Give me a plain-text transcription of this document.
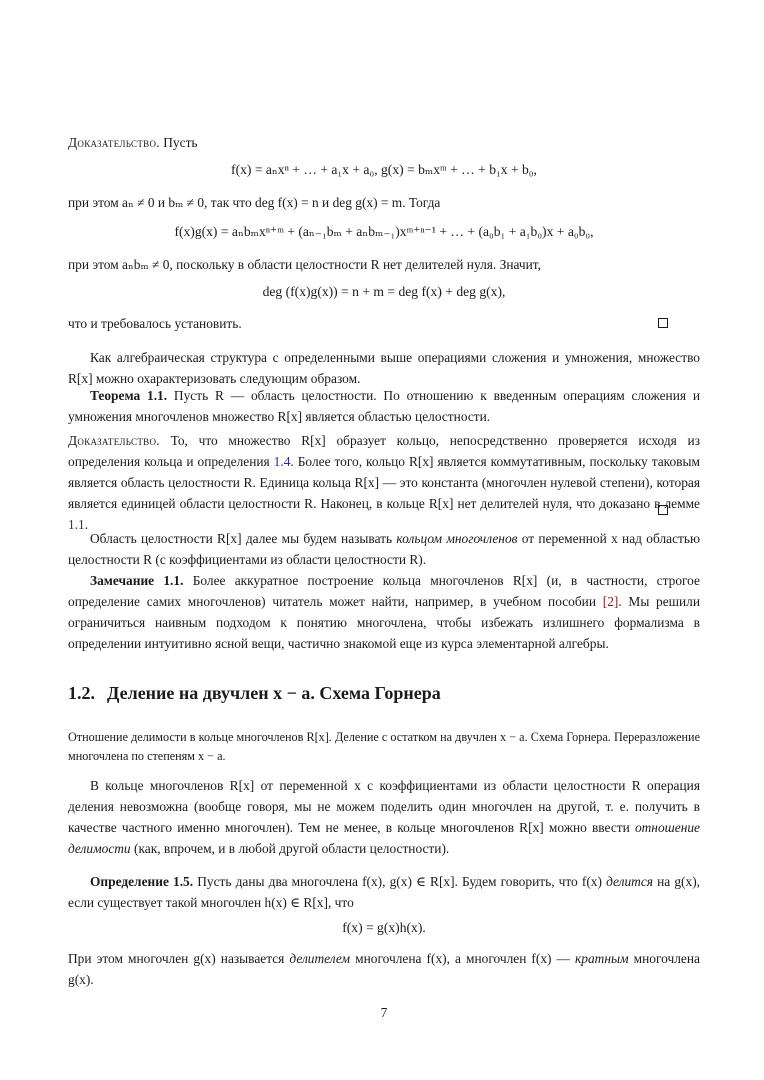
Доказательство. Пусть
f(x) = aₙxⁿ + … + a₁x + a₀, g(x) = bₘxᵐ + … + b₁x + b₀,
при этом aₙ ≠ 0 и bₘ ≠ 0, так что deg f(x) = n и deg g(x) = m. Тогда
f(x)g(x) = aₙbₘxⁿ⁺ᵐ + (aₙ₋₁bₘ + aₙbₘ₋₁)xᵐ⁺ⁿ⁻¹ + … + (a₀b₁ + a₁b₀)x + a₀b₀,
при этом aₙbₘ ≠ 0, поскольку в области целостности R нет делителей нуля. Значит,
deg (f(x)g(x)) = n + m = deg f(x) + deg g(x),
что и требовалось установить.
Как алгебраическая структура с определенными выше операциями сложения и умножения, множество R[x] можно охарактеризовать следующим образом.
Теорема 1.1. Пусть R — область целостности. По отношению к введенным операциям сложения и умножения многочленов множество R[x] является областью целостности.
Доказательство. То, что множество R[x] образует кольцо, непосредственно проверяется исходя из определения кольца и определения 1.4. Более того, кольцо R[x] является коммутативным, поскольку таковым является область целостности R. Единица кольца R[x] — это константа (многочлен нулевой степени), которая является единицей области целостности R. Наконец, в кольце R[x] нет делителей нуля, что доказано в лемме 1.1.
Область целостности R[x] далее мы будем называть кольцом многочленов от переменной x над областью целостности R (с коэффициентами из области целостности R).
Замечание 1.1. Более аккуратное построение кольца многочленов R[x] (и, в частности, строгое определение самих многочленов) читатель может найти, например, в учебном пособии [2]. Мы решили ограничиться наивным подходом к понятию многочлена, чтобы избежать излишнего формализма в определении интуитивно ясной вещи, частично знакомой еще из курса элементарной алгебры.
1.2. Деление на двучлен x − a. Схема Горнера
Отношение делимости в кольце многочленов R[x]. Деление с остатком на двучлен x − a. Схема Горнера. Переразложение многочлена по степеням x − a.
В кольце многочленов R[x] от переменной x с коэффициентами из области целостности R операция деления невозможна (вообще говоря, мы не можем поделить один многочлен на другой, т. е. получить в качестве частного именно многочлен). Тем не менее, в кольце многочленов R[x] можно ввести отношение делимости (как, впрочем, и в любой другой области целостности).
Определение 1.5. Пусть даны два многочлена f(x), g(x) ∈ R[x]. Будем говорить, что f(x) делится на g(x), если существует такой многочлен h(x) ∈ R[x], что
f(x) = g(x)h(x).
При этом многочлен g(x) называется делителем многочлена f(x), а многочлен f(x) — кратным многочлена g(x).
7
